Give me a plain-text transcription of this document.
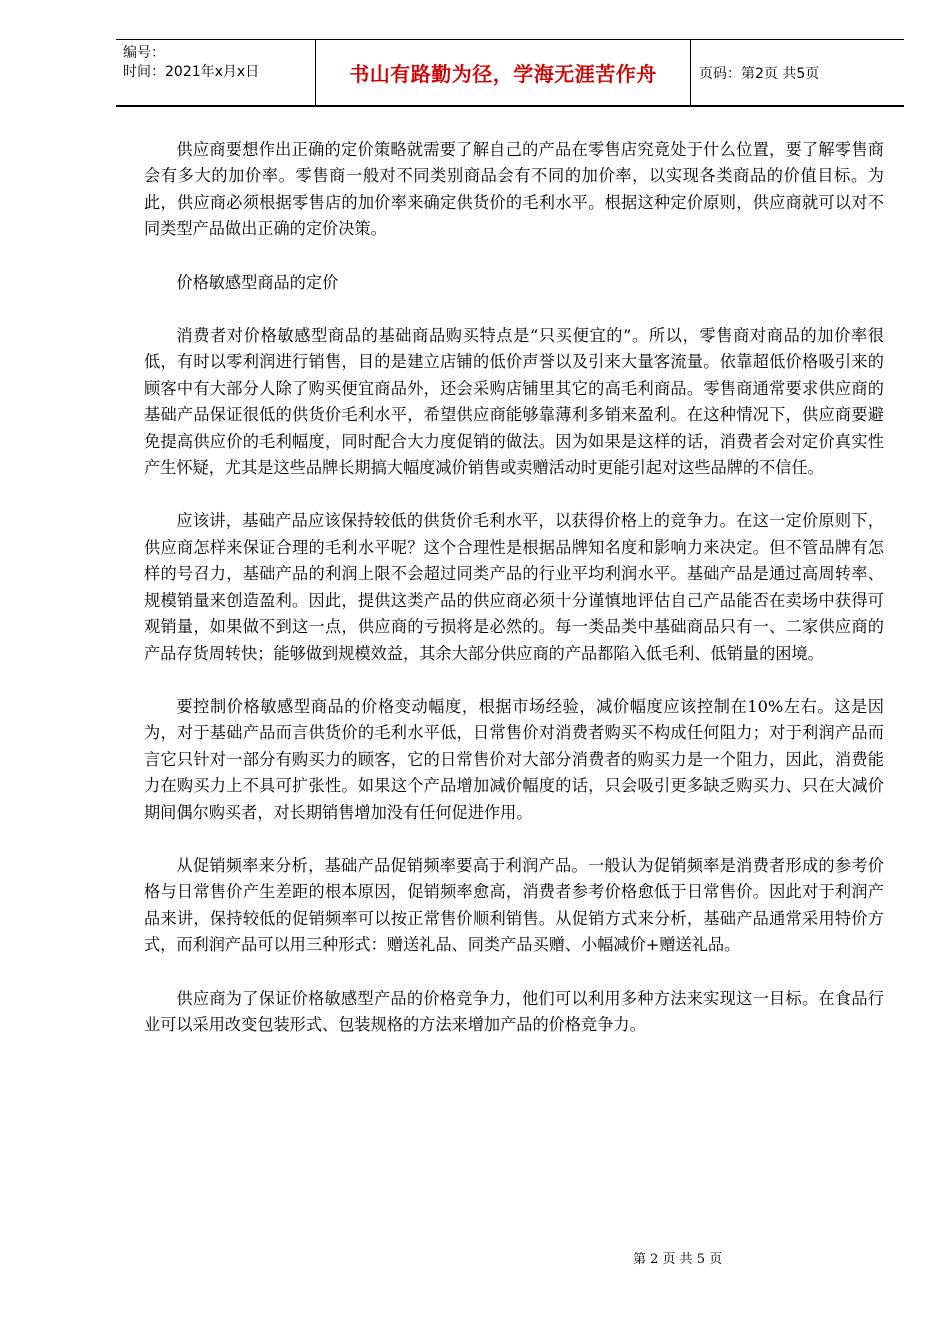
编号：
时间：2021年x月x日	书山有路勤为径，学海无涯苦作舟	页码：第2页 共5页

供应商要想作出正确的定价策略就需要了解自己的产品在零售店究竟处于什么位置，要了解零售商会有多大的加价率。零售商一般对不同类别商品会有不同的加价率，以实现各类商品的价值目标。为此，供应商必须根据零售店的加价率来确定供货价的毛利水平。根据这种定价原则，供应商就可以对不同类型产品做出正确的定价决策。

价格敏感型商品的定价

消费者对价格敏感型商品的基础商品购买特点是“只买便宜的”。所以，零售商对商品的加价率很低，有时以零利润进行销售，目的是建立店铺的低价声誉以及引来大量客流量。依靠超低价格吸引来的顾客中有大部分人除了购买便宜商品外，还会采购店铺里其它的高毛利商品。零售商通常要求供应商的基础产品保证很低的供货价毛利水平，希望供应商能够靠薄利多销来盈利。在这种情况下，供应商要避免提高供应价的毛利幅度，同时配合大力度促销的做法。因为如果是这样的话，消费者会对定价真实性产生怀疑，尤其是这些品牌长期搞大幅度减价销售或卖赠活动时更能引起对这些品牌的不信任。

应该讲，基础产品应该保持较低的供货价毛利水平，以获得价格上的竞争力。在这一定价原则下，供应商怎样来保证合理的毛利水平呢？这个合理性是根据品牌知名度和影响力来决定。但不管品牌有怎样的号召力，基础产品的利润上限不会超过同类产品的行业平均利润水平。基础产品是通过高周转率、规模销量来创造盈利。因此，提供这类产品的供应商必须十分谨慎地评估自己产品能否在卖场中获得可观销量，如果做不到这一点，供应商的亏损将是必然的。每一类品类中基础商品只有一、二家供应商的产品存货周转快；能够做到规模效益，其余大部分供应商的产品都陷入低毛利、低销量的困境。

要控制价格敏感型商品的价格变动幅度，根据市场经验，减价幅度应该控制在10%左右。这是因为，对于基础产品而言供货价的毛利水平低，日常售价对消费者购买不构成任何阻力；对于利润产品而言它只针对一部分有购买力的顾客，它的日常售价对大部分消费者的购买力是一个阻力，因此，消费能力在购买力上不具可扩张性。如果这个产品增加减价幅度的话，只会吸引更多缺乏购买力、只在大减价期间偶尔购买者，对长期销售增加没有任何促进作用。

从促销频率来分析，基础产品促销频率要高于利润产品。一般认为促销频率是消费者形成的参考价格与日常售价产生差距的根本原因，促销频率愈高，消费者参考价格愈低于日常售价。因此对于利润产品来讲，保持较低的促销频率可以按正常售价顺利销售。从促销方式来分析，基础产品通常采用特价方式，而利润产品可以用三种形式：赠送礼品、同类产品买赠、小幅减价+赠送礼品。

供应商为了保证价格敏感型产品的价格竞争力，他们可以利用多种方法来实现这一目标。在食品行业可以采用改变包装形式、包装规格的方法来增加产品的价格竞争力。

第 2 页 共 5 页
